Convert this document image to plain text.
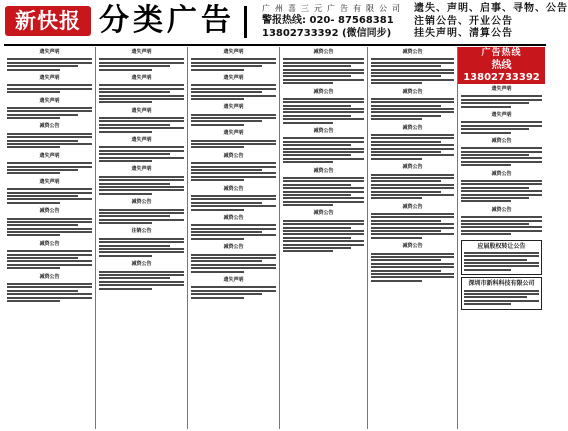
新快报 分类广告	广州喜三元广告有限公司
警报热线: 020- 87568381
13802733392 (微信同步)
遗失、声明、启事、寻物、公告
注销公告、开业公告
挂失声明、清算公告
遗失声明
遗失声明
遗失声明
减资公告
遗失声明
遗失声明
减资公告
减资公告
减资公告
遗失声明
遗失声明
遗失声明
遗失声明
遗失声明
减资公告
注销公告
减资公告
遗失声明
遗失声明
遗失声明
遗失声明
减资公告
减资公告
减资公告
减资公告
遗失声明
减资公告
减资公告
减资公告
减资公告
减资公告
减资公告
减资公告
减资公告
减资公告
减资公告
减资公告
广告热线
热线 13802733392
遗失声明
遗失声明
减资公告
减资公告
减资公告
应届股权转让公告
深圳市新科科技有限公司
